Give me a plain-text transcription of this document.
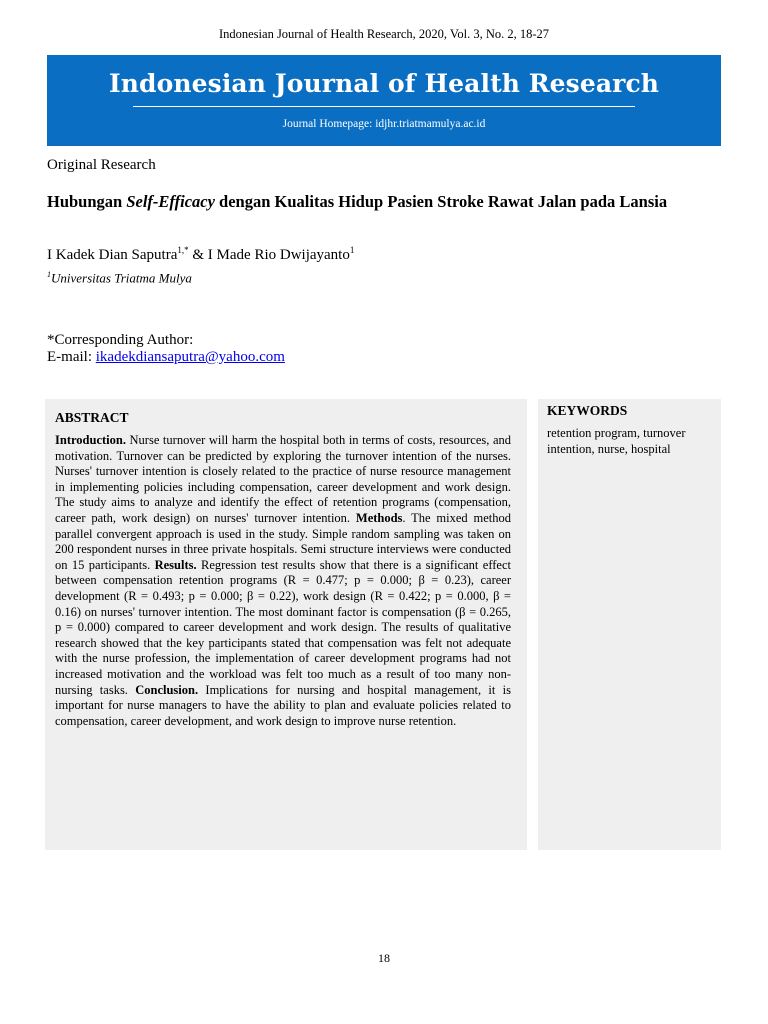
Indonesian Journal of Health Research, 2020, Vol. 3, No. 2, 18-27
Indonesian Journal of Health Research
Journal Homepage: idjhr.triatmamulya.ac.id
Original Research
Hubungan Self-Efficacy dengan Kualitas Hidup Pasien Stroke Rawat Jalan pada Lansia
I Kadek Dian Saputra$^{1,*}$ & I Made Rio Dwijayanto$^1$
$^1$Universitas Triatma Mulya
*Corresponding Author:
E-mail: ikadekdiansaputra@yahoo.com
ABSTRACT
Introduction. Nurse turnover will harm the hospital both in terms of costs, resources, and motivation. Turnover can be predicted by exploring the turnover intention of the nurses. Nurses' turnover intention is closely related to the practice of nurse resource management in implementing policies including compensation, career development and work design. The study aims to analyze and identify the effect of retention programs (compensation, career path, work design) on nurses' turnover intention. Methods. The mixed method parallel convergent approach is used in the study. Simple random sampling was taken on 200 respondent nurses in three private hospitals. Semi structure interviews were conducted on 15 participants. Results. Regression test results show that there is a significant effect between compensation retention programs (R = 0.477; p = 0.000; β = 0.23), career development (R = 0.493; p = 0.000; β = 0.22), work design (R = 0.422; p = 0.000, β = 0.16) on nurses' turnover intention. The most dominant factor is compensation (β = 0.265, p = 0.000) compared to career development and work design. The results of qualitative research showed that the key participants stated that compensation was felt not adequate with the nurse profession, the implementation of career development programs had not increased motivation and the workload was felt too much as a result of too many non-nursing tasks. Conclusion. Implications for nursing and hospital management, it is important for nurse managers to have the ability to plan and evaluate policies related to compensation, career development, and work design to improve nurse retention.
KEYWORDS
retention program, turnover intention, nurse, hospital
18
